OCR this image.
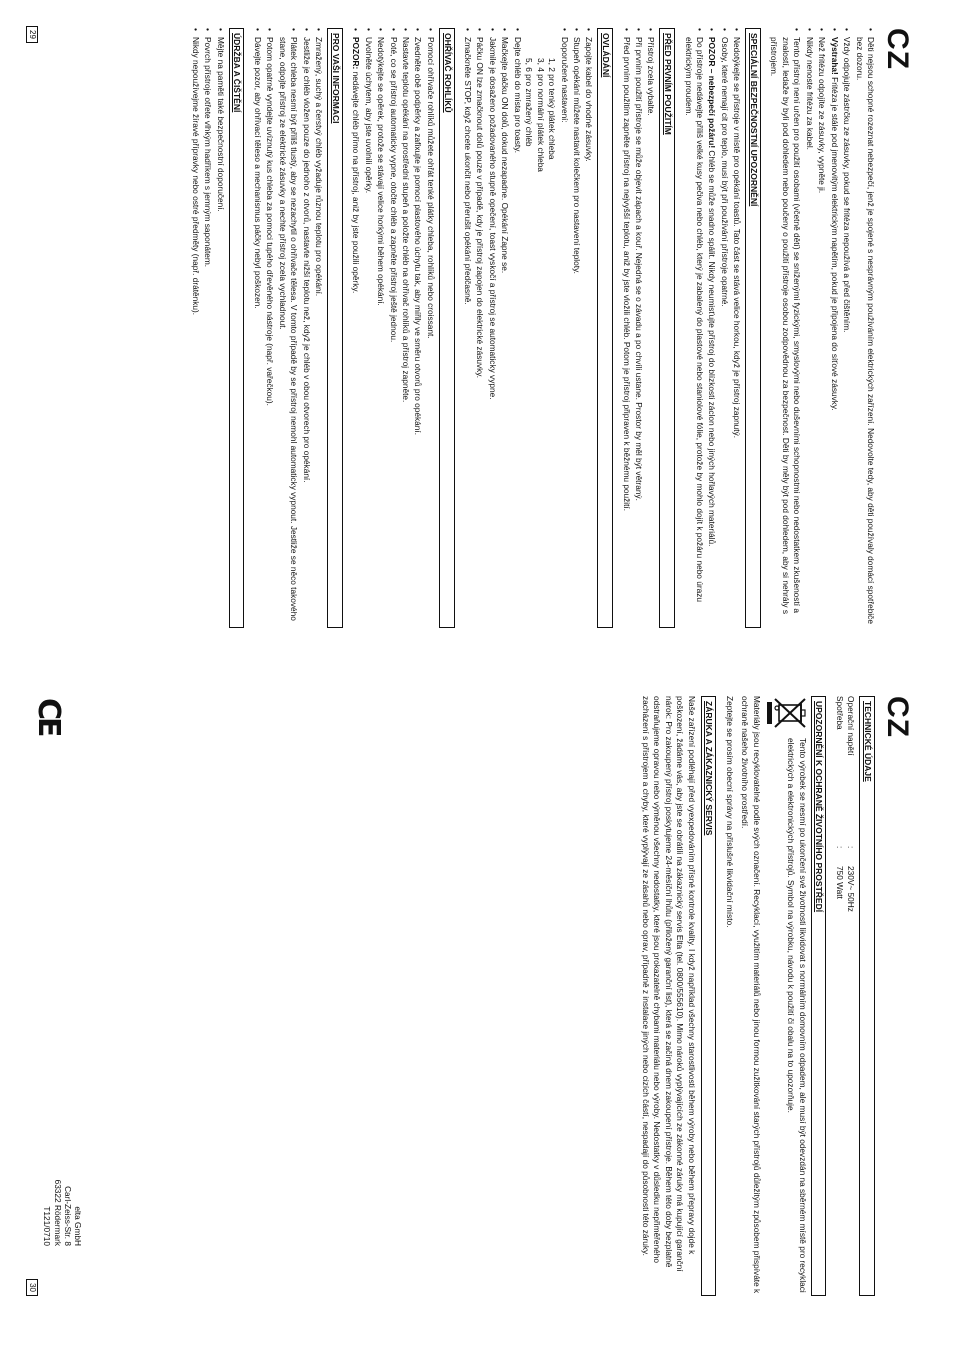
CZ
• Děti nejsou schopné rozeznat nebezpečí, jenž je spojené s nesprávným používáním elektrických zařízení. Nedovolte tedy, aby děti používaly domácí spotřebiče bez dozoru.
• Vždy odpojujte zástrčku ze zásuvky, pokud se fritéza nepoužívá a před čištěním.
• Výstraha! Fritéza je stále pod jmenovitým elektrickým napětím, pokud je připojena do síťové zásuvky.
• Než fritézu odpojíte ze zásuvky, vypněte ji.
• Nikdy nenoste fritézu za kabel.
• Tento přístroj není určen pro použití osobami (včetně dětí) se sníženými fyzickými, smyslovými nebo duševními schopnostmi nebo nedostatkem zkušeností a znalostí, ledaže by byli pod dohledem nebo poučeny o použití přístroje osobou zodpovědnou za bezpečnost. Děti by měly být pod dohledem, aby si nehrály s přístrojem.
SPECIÁLNÍ BEZPEČNOSTNÍ UPOZORNĚNÍ
• Nedotýkejte se přístroje v místě pro opékání toastů. Tato část se stává velice horkou, když je přístroj zapnutý.
• Osoby, které nemají cit pro teplo, musí být při používání přístroje opatrné.
• POZOR – nebezpečí požáru! Chléb se může snadno spálit. Nikdy neumisťujte přístroj do blízkosti záclon nebo jiných hořlavých materiálů.
• Do přístroje nedávejte příliš velké kusy pečiva nebo chléb, který je zabalený do plastové nebo staniolové fólie, protože by mohlo dojít k požáru nebo úrazu elektrickým proudem.
PŘED PRVNÍM POUŽITÍM
• Přístroj zcela vybalte.
• Při prvním použití přístroje se může objevit zápach a kouř. Nejedná se o závadu a po chvíli ustane. Prostor by měl být větraný.
• Před prvním použitím zapněte přístroj na nejvyšší teplotu, aniž by jste vložili chléb. Potom je přístroj připraven k běžnému použití.
OVLÁDÁNÍ
• Zapojte kabel do vhodné zásuvky.
• Stupeň opékání můžete nastavit kolečkem pro nastavení teploty.
• Doporučené nastavení:
1, 2 pro tenký plátek chleba
3, 4 pro normální plátek chleba
5, 6 pro zmražený chléb
• Dejte chléb do místa pro toasty.
• Mačkejte páčku ON dolů, dokud nezapadne. Opékání Zapne se.
• Jakmile je dosaženo požadovaného stupně opečení, toast vyskočí a přístroj se automaticky vypne.
• Páčku ON lze zmačknout dolů pouze v případě, kdy je přístroj zapojen do elektrické zásuvky.
• Zmačkněte STOP, když chcete ukončit nebo přerušit opékání předčasně.
OHŘÍVAČ ROHLÍKŮ
• Pomocí ohřívače rohlíků můžete ohřát tenké plátky chleba, rohlíků nebo croissant.
• Zvedněte obě podpěrky a zafixujte je pomocí plastového úchytu tak, aby mířily ve směru otvorů pro opékání.
• Nastavte teplotu opékání na prostřední stupeň a položte chléb na ohřívač rohlíků a přístroj zapněte.
• Poté, co se přístroj automaticky vypne, otočte chléb a zapněte přístroj ještě jednou.
• Nedotýkejte se opěrek, protože se stávají velice horkými během opékání.
• Uvolněte úchytem, aby jste uvolnili opěrky.
• POZOR: nedávejte chléb přímo na přístroj, aniž by jste použili opěrky.
PRO VAŠI INFORMACI
• Zmražený, suchý a čerstvý chléb vyžaduje různou teplotu pro opékání.
• Jestliže je chléb vložen pouze do jednoho z otvorů, nastavte nižší teplotu než, když je chléb v obou otvorech pro opékání.
• Plátek chleba nesmí být příliš tlustý, aby se nezachytil o ohřívače tělesa. V tomto případě by se přístroj nemohl automaticky vypnout. Jestliže se něco takového stane, odpojte přístroj ze elektrické zásuvky a nechte přístroj zcela vychladnout.
• Potom opatrně vyndejte uvíznutý kus chleba za pomoci tupého dřevěného nástroje (např. vařečkou).
• Dávejte pozor, aby ohřívací těleso a mechanismus páčky nebyl poškozen.
ÚDRŽBA A ČIŠTĚNÍ
• Mějte na paměti také bezpečnostní doporučení.
• Povrch přístroje otřete vlhkým hadříkem s jemným saponátem.
• Nikdy nepoužívejme žíravé přípravky nebo ostré předměty (např. drátěnku).
29
CZ
TECHNICKÉ ÚDAJE
Operační napětí
:
230V~ 50Hz
Spotřeba
:
750 Watt
UPOZORNĚNÍ K OCHRANĚ ŽIVOTNÍHO PROSTŘEDÍ
Tento výrobek se nesmí po ukončení své životnosti likvidovat s normálním domovním odpadem, ale musí být odevzdán na sběrném místě pro recyklaci elektrických a elektronických přístrojů. Symbol na výrobku, návodu k použití či obalu na to upozorňuje.
Materiály jsou recyklovatelné podle svých označení. Recyklací, využitím materiálů nebo jinou formou zužitkování starých přístrojů důležitým způsobem přispíváte k ochraně našeho životního prostředí.
Zeptejte se prosím obecní správy na příslušné likvidační místo.
ZÁRUKA A ZÁKAZNICKÝ SERVIS
Naše zařízení podléhají před vyexpedováním přísné kontrole kvality. I když například všechny starostlivosti během výroby nebo během přepravy dojde k poškození, žádáme vás, aby jste se obrátili na zákaznický servis Elta (tel. 0800/555610). Mimo nároků vyplývajících ze zákonné záruky má kupující garanční nárok: Pro zakoupený přístroj poskytujeme 24-měsíční lhůtu (přiložený garanční list), která se začíná dnem zakoupení přístroje. Během této doby bezplatně odstraňujeme opravou nebo výměnou všechny nedostatky, které jsou prokazatelně chybami materiálu nebo výroby. Nedostatky v důsledku nepřiměřeného zacházení s přístrojem a chyby, které vyplývají ze zásahů nebo oprav, případně z instalace jiných nebo cizích částí, nespadají do působnosti této záruky.
CE
elta GmbH
Carl-Zeiss-Str. 8
63322 Rödermark
T121/0710
30
